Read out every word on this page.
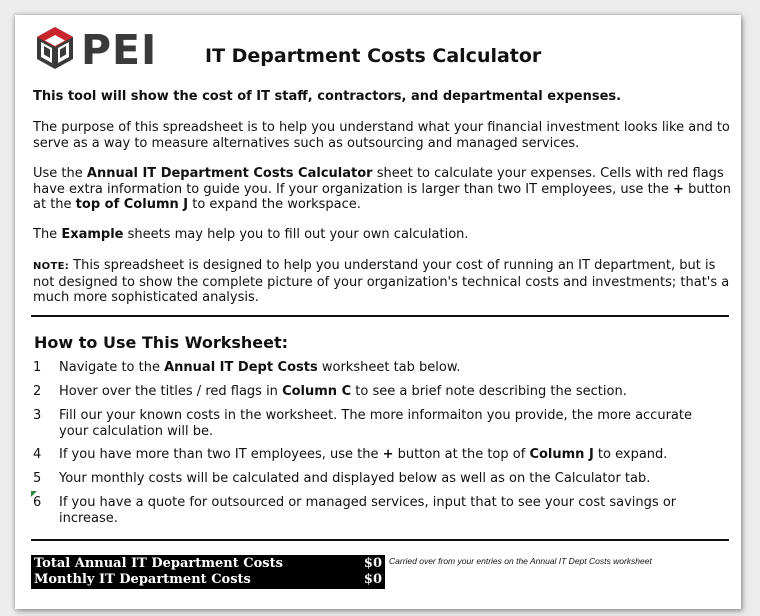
PEI	IT Department Costs Calculator

This tool will show the cost of IT staff, contractors, and departmental expenses.

The purpose of this spreadsheet is to help you understand what your financial investment looks like and to serve as a way to measure alternatives such as outsourcing and managed services.

Use the Annual IT Department Costs Calculator sheet to calculate your expenses. Cells with red flags have extra information to guide you. If your organization is larger than two IT employees, use the + button at the top of Column J to expand the workspace.

The Example sheets may help you to fill out your own calculation.

NOTE: This spreadsheet is designed to help you understand your cost of running an IT department, but is not designed to show the complete picture of your organization's technical costs and investments; that's a much more sophisticated analysis.

How to Use This Worksheet:
1	Navigate to the Annual IT Dept Costs worksheet tab below.
2	Hover over the titles / red flags in Column C to see a brief note describing the section.
3	Fill our your known costs in the worksheet. The more informaiton you provide, the more accurate your calculation will be.
4	If you have more than two IT employees, use the + button at the top of Column J to expand.
5	Your monthly costs will be calculated and displayed below as well as on the Calculator tab.
6	If you have a quote for outsourced or managed services, input that to see your cost savings or increase.
Total Annual IT Department Costs	$0
Monthly IT Department Costs	$0
Carried over from your entries on the Annual IT Dept Costs worksheet
